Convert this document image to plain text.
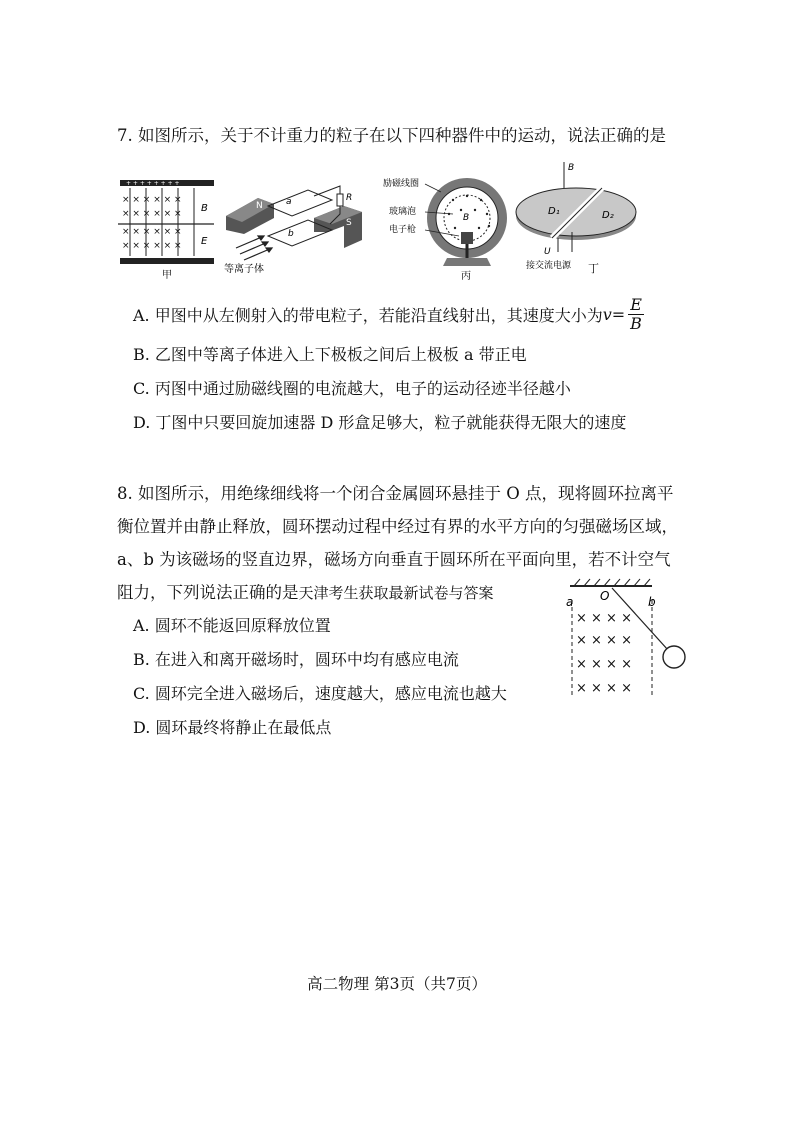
7. 如图所示，关于不计重力的粒子在以下四种器件中的运动，说法正确的是
+ + + + + + + +
× × × × × ×
× × × × × ×
× × × × × ×
× × × × × ×
B
E
甲
N
S
a
b
R
等离子体
B
励磁线圈
玻璃泡
电子枪
丙
B
D₁	D₂
U
接交流电源 丁
A. 甲图中从左侧射入的带电粒子，若能沿直线射出，其速度大小为 $v = \frac{E}{B}$
B. 乙图中等离子体进入上下极板之间后上极板 a 带正电
C. 丙图中通过励磁线圈的电流越大，电子的运动径迹半径越小
D. 丁图中只要回旋加速器 D 形盒足够大，粒子就能获得无限大的速度
8. 如图所示，用绝缘细线将一个闭合金属圆环悬挂于 O 点，现将圆环拉离平
衡位置并由静止释放，圆环摆动过程中经过有界的水平方向的匀强磁场区域，
a、b 为该磁场的竖直边界，磁场方向垂直于圆环所在平面向里，若不计空气
阻力，下列说法正确的是天津考生获取最新试卷与答案	a O	b
× × × ×
× × × ×
× × × ×
× × × ×
A. 圆环不能返回原释放位置
B. 在进入和离开磁场时，圆环中均有感应电流
C. 圆环完全进入磁场后，速度越大，感应电流也越大
D. 圆环最终将静止在最低点
高二物理 第3页（共7页）
